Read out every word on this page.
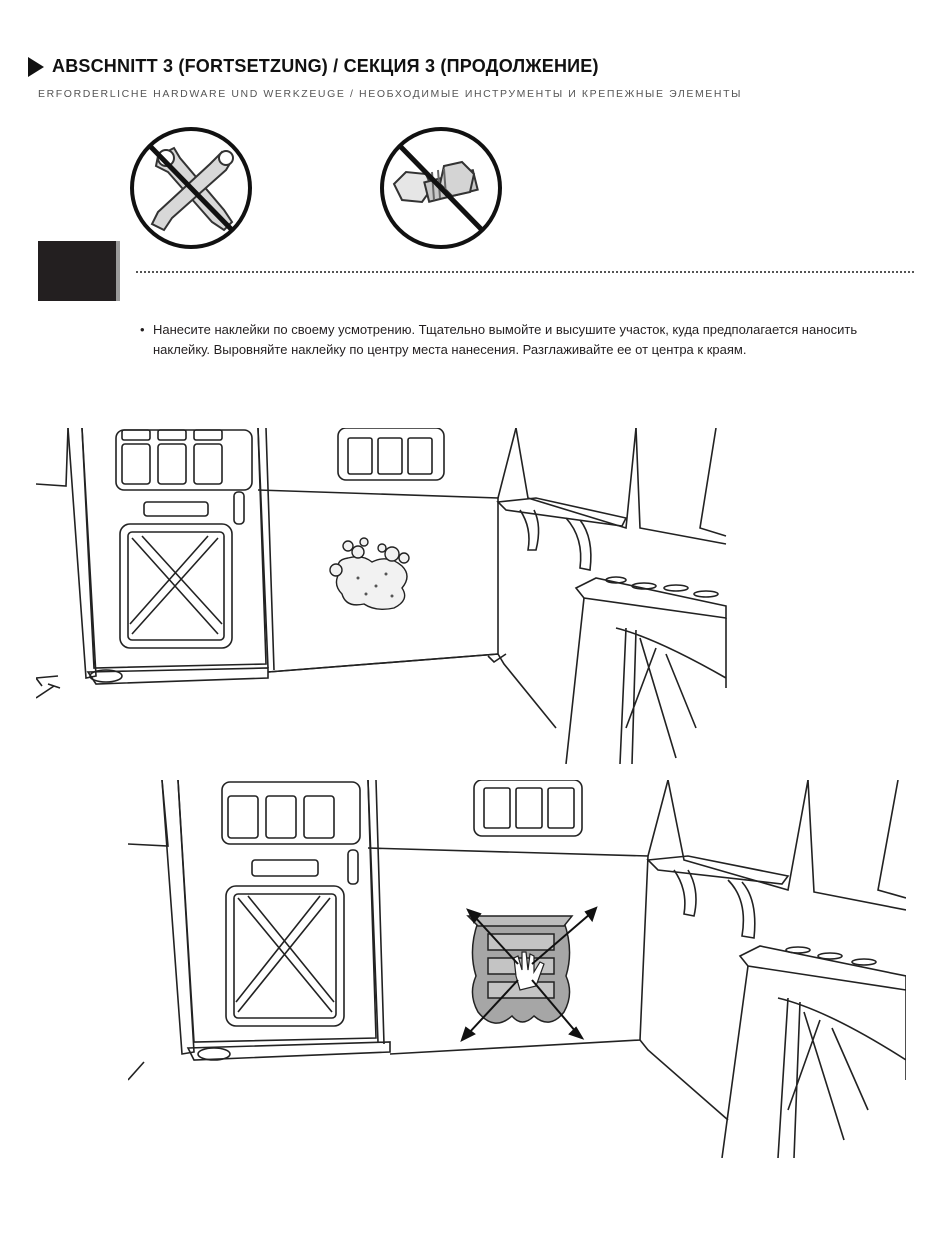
ABSCHNITT 3 (FORTSETZUNG) / СЕКЦИЯ 3 (ПРОДОЛЖЕНИЕ)
ERFORDERLICHE HARDWARE UND WERKZEUGE / НЕОБХОДИМЫЕ ИНСТРУМЕНТЫ И КРЕПЕЖНЫЕ ЭЛЕМЕНТЫ
• Нанесите наклейки по своему усмотрению. Тщательно вымойте и высушите участок, куда предполагается наносить наклейку. Выровняйте наклейку по центру места нанесения. Разглаживайте ее от центра к краям.
